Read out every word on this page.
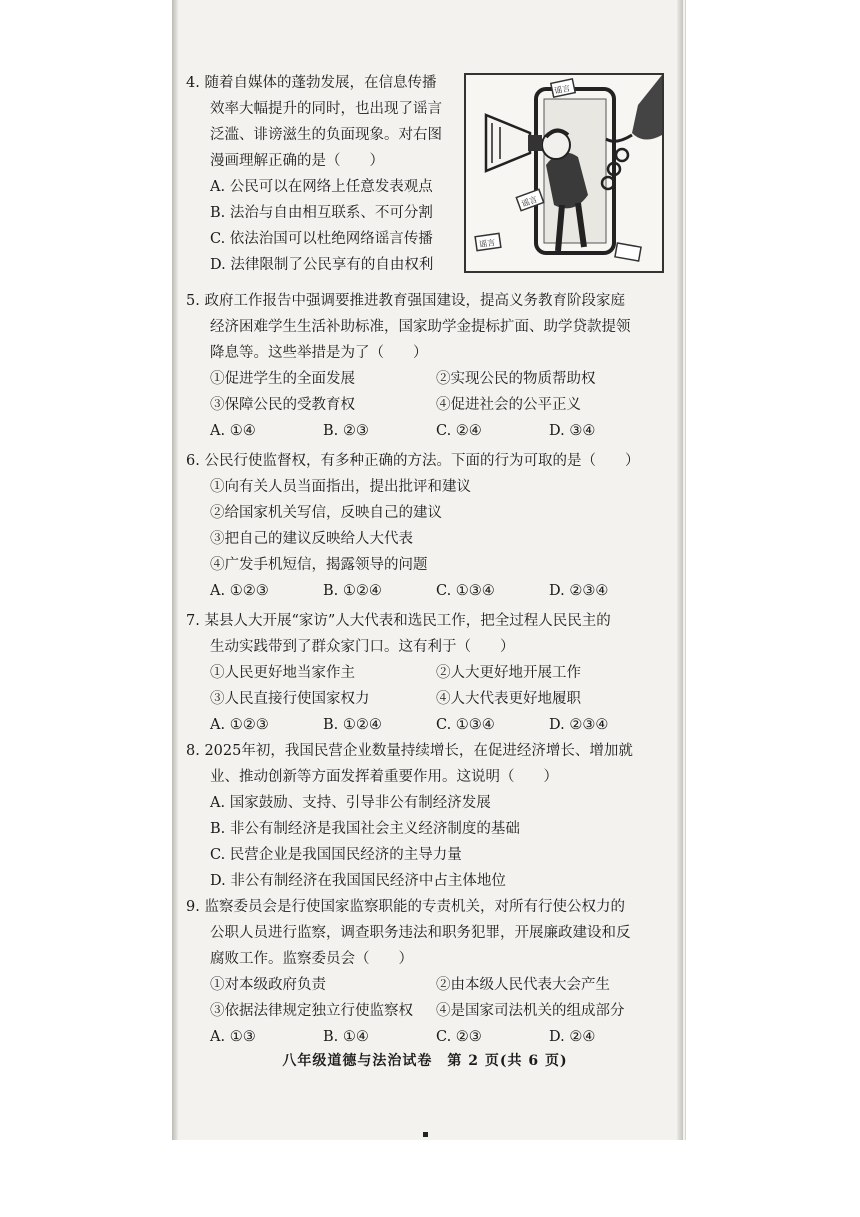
4. 随着自媒体的蓬勃发展，在信息传播
效率大幅提升的同时，也出现了谣言
泛滥、诽谤滋生的负面现象。对右图
漫画理解正确的是（　　）
A. 公民可以在网络上任意发表观点
B. 法治与自由相互联系、不可分割
C. 依法治国可以杜绝网络谣言传播
D. 法律限制了公民享有的自由权利
谣言
谣言
谣言
5. 政府工作报告中强调要推进教育强国建设，提高义务教育阶段家庭
经济困难学生生活补助标准，国家助学金提标扩面、助学贷款提领
降息等。这些举措是为了（　　）
①促进学生的全面发展	②实现公民的物质帮助权
③保障公民的受教育权	④促进社会的公平正义
A. ①④	B. ②③	C. ②④	D. ③④
6. 公民行使监督权，有多种正确的方法。下面的行为可取的是（　　）
①向有关人员当面指出，提出批评和建议
②给国家机关写信，反映自己的建议
③把自己的建议反映给人大代表
④广发手机短信，揭露领导的问题
A. ①②③	B. ①②④	C. ①③④	D. ②③④
7. 某县人大开展“家访”人大代表和选民工作，把全过程人民民主的
生动实践带到了群众家门口。这有利于（　　）
①人民更好地当家作主	②人大更好地开展工作
③人民直接行使国家权力	④人大代表更好地履职
A. ①②③	B. ①②④	C. ①③④	D. ②③④
8. 2025年初，我国民营企业数量持续增长，在促进经济增长、增加就
业、推动创新等方面发挥着重要作用。这说明（　　）
A. 国家鼓励、支持、引导非公有制经济发展
B. 非公有制经济是我国社会主义经济制度的基础
C. 民营企业是我国国民经济的主导力量
D. 非公有制经济在我国国民经济中占主体地位
9. 监察委员会是行使国家监察职能的专责机关，对所有行使公权力的
公职人员进行监察，调查职务违法和职务犯罪，开展廉政建设和反
腐败工作。监察委员会（　　）
①对本级政府负责	②由本级人民代表大会产生
③依据法律规定独立行使监察权	④是国家司法机关的组成部分
A. ①③	B. ①④	C. ②③	D. ②④
八年级道德与法治试卷　第 2 页(共 6 页)
